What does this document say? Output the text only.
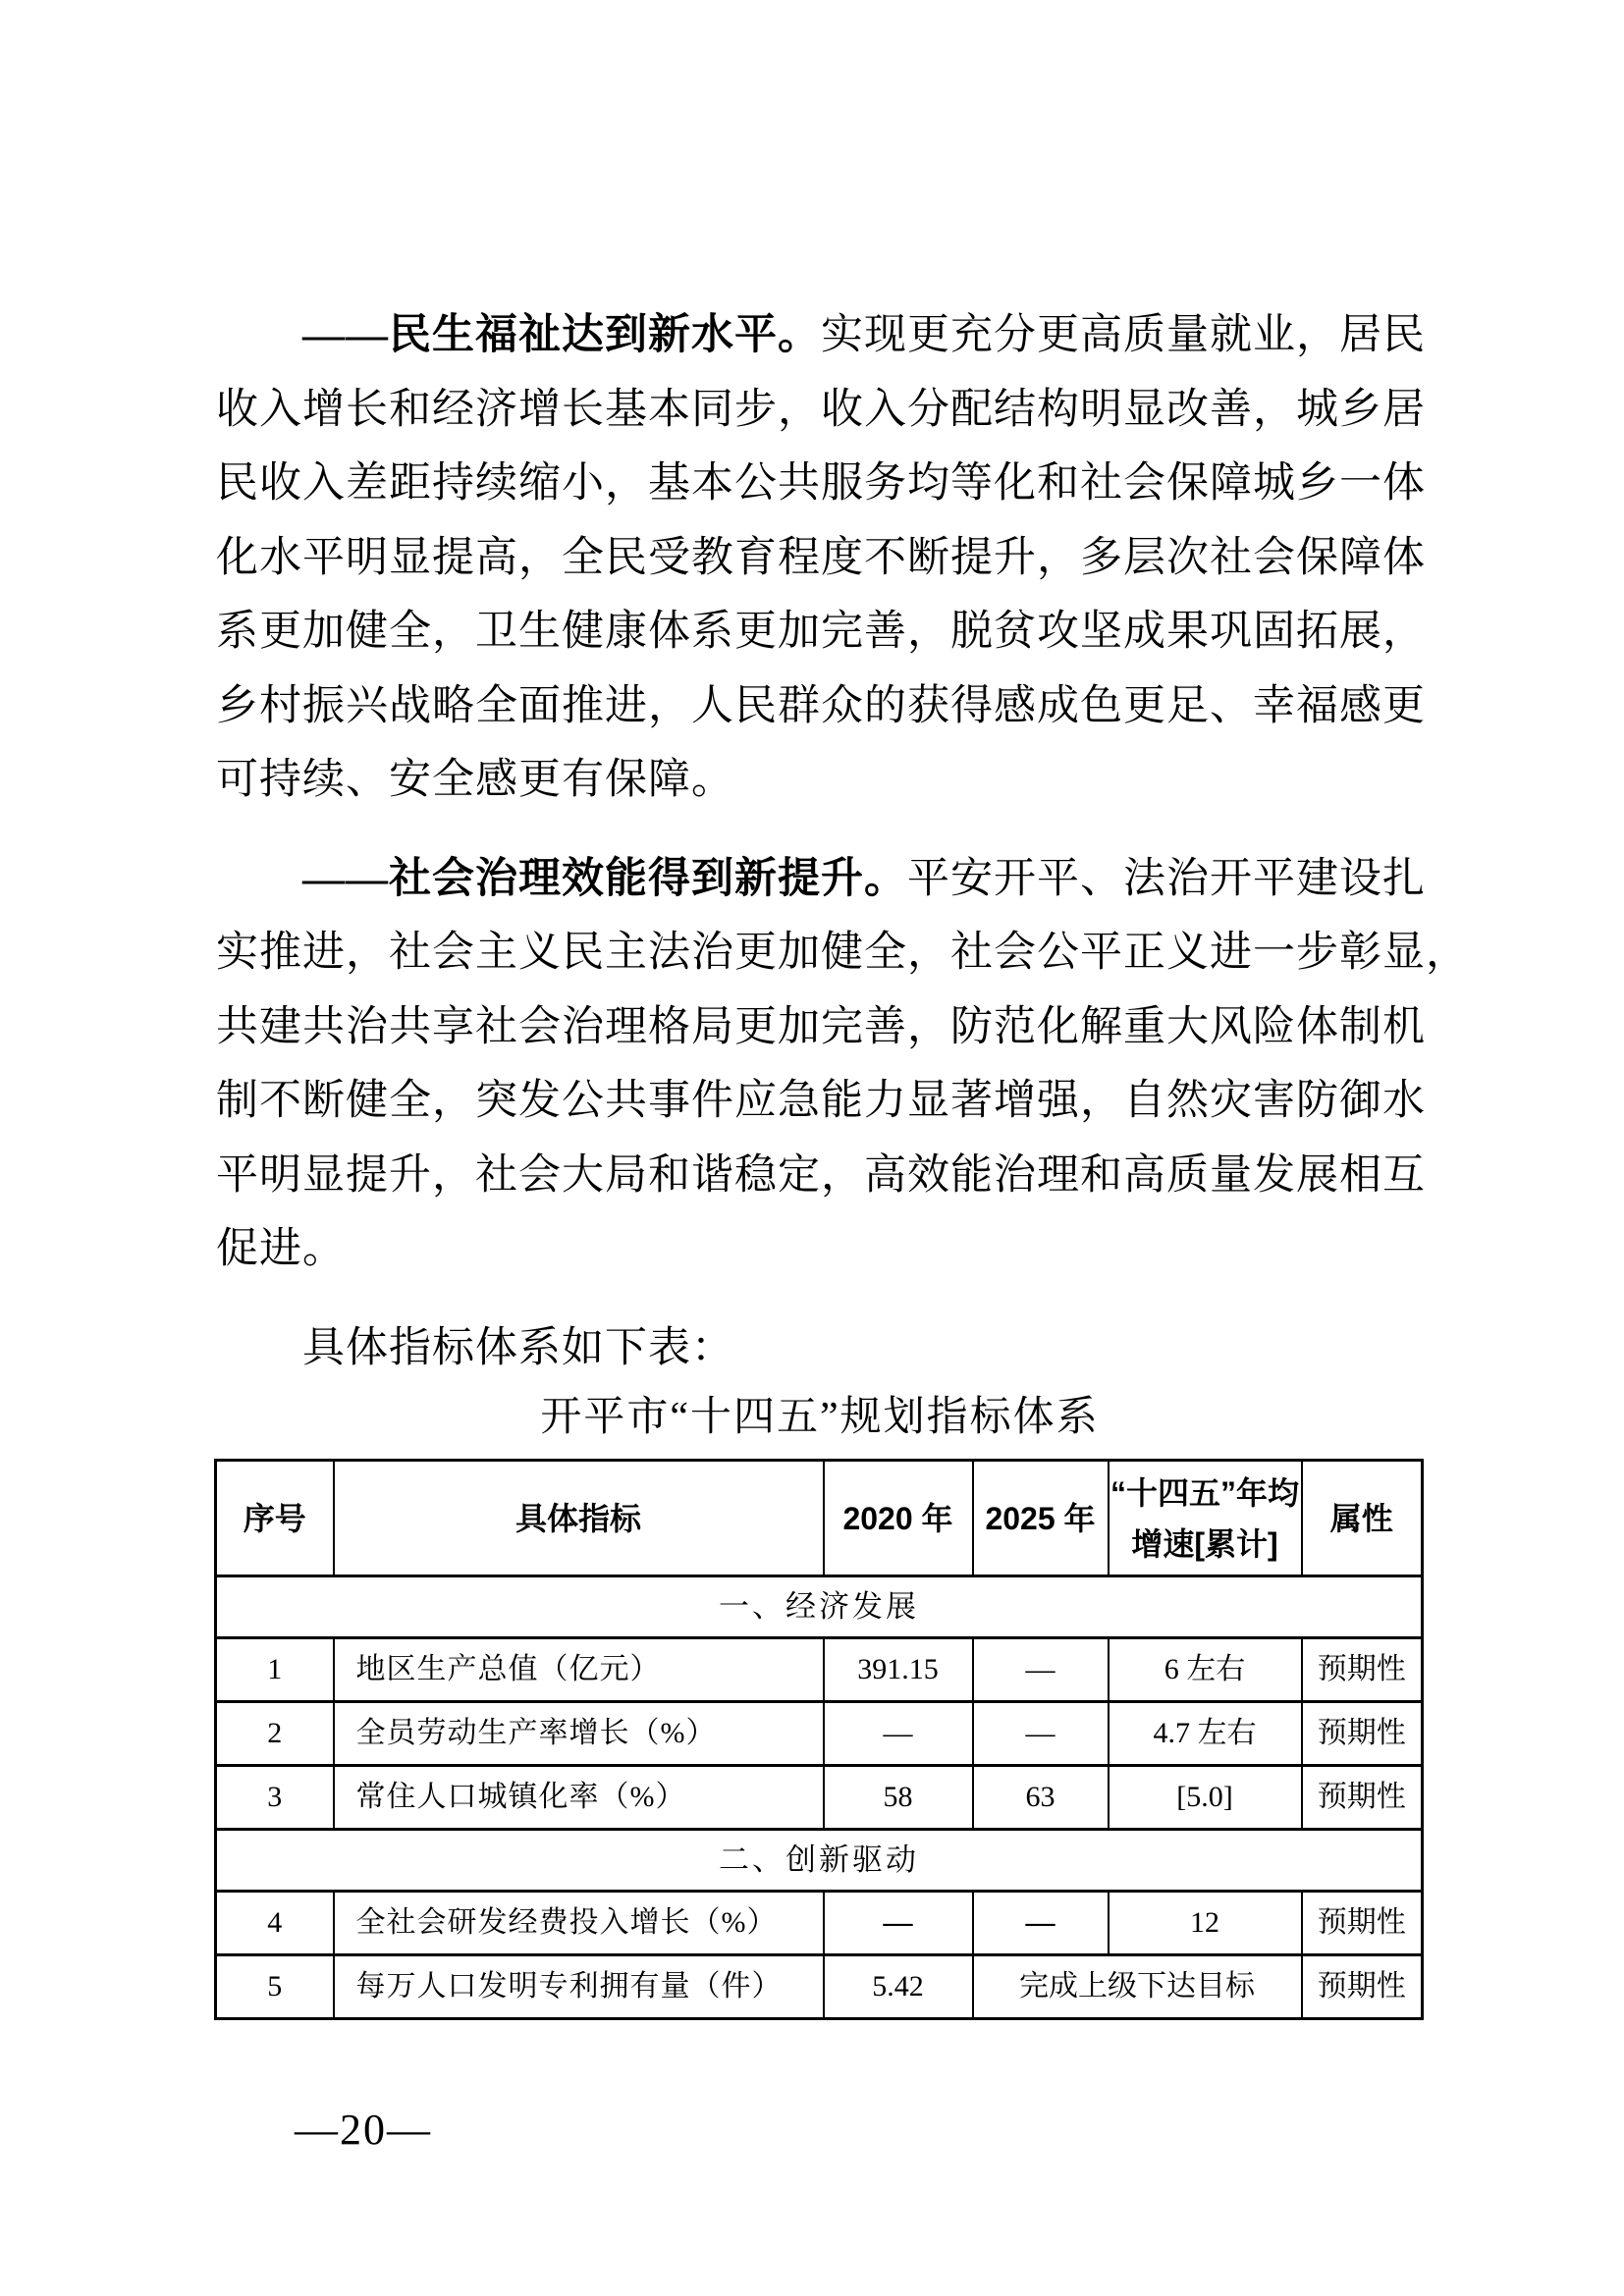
——民生福祉达到新水平。实现更充分更高质量就业，居民
收入增长和经济增长基本同步，收入分配结构明显改善，城乡居
民收入差距持续缩小，基本公共服务均等化和社会保障城乡一体
化水平明显提高，全民受教育程度不断提升，多层次社会保障体
系更加健全，卫生健康体系更加完善，脱贫攻坚成果巩固拓展，
乡村振兴战略全面推进，人民群众的获得感成色更足、幸福感更
可持续、安全感更有保障。
——社会治理效能得到新提升。平安开平、法治开平建设扎
实推进，社会主义民主法治更加健全，社会公平正义进一步彰显，
共建共治共享社会治理格局更加完善，防范化解重大风险体制机
制不断健全，突发公共事件应急能力显著增强，自然灾害防御水
平明显提升，社会大局和谐稳定，高效能治理和高质量发展相互
促进。
具体指标体系如下表：
开平市“十四五”规划指标体系
序号	具体指标	2020 年	2025 年	“十四五”年均增速[累计]	属性
一、经济发展					
1	地区生产总值（亿元）	391.15	—	6 左右	预期性
2	全员劳动生产率增长（%）	—	—	4.7 左右	预期性
3	常住人口城镇化率（%）	58	63	[5.0]	预期性
二、创新驱动					
4	全社会研发经费投入增长（%）	—	—	12	预期性
5	每万人口发明专利拥有量（件）	5.42	完成上级下达目标		预期性
—20—
